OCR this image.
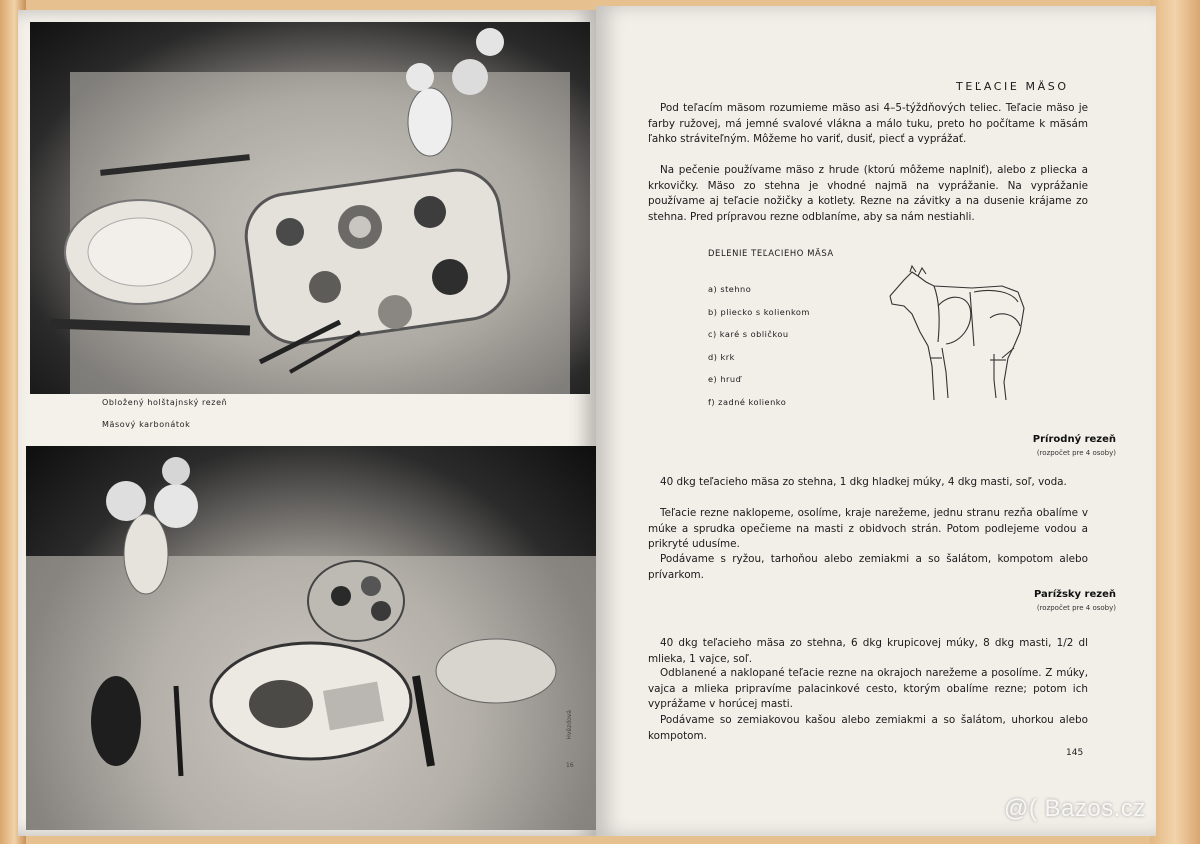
Obložený holštajnský rezeň
Mäsový karbonátok
16
Hvězdová
TEĽACIE MÄSO
Pod teľacím mäsom rozumieme mäso asi 4–5-týždňových teliec. Teľacie mäso je farby ružovej, má jemné svalové vlákna a málo tuku, preto ho počítame k mäsám ľahko stráviteľným. Môžeme ho variť, dusiť, piecť a vyprážať.
Na pečenie používame mäso z hrude (ktorú môžeme naplniť), alebo z pliecka a krkovičky. Mäso zo stehna je vhodné najmä na vyprážanie. Na vyprážanie používame aj teľacie nožičky a kotlety. Rezne na závitky a na dusenie krájame zo stehna. Pred prípravou rezne odblaníme, aby sa nám nestiahli.
DELENIE TEĽACIEHO MÄSA
a) stehno
b) pliecko s kolienkom
c) karé s obličkou
d) krk
e) hruď
f) zadné kolienko
Prírodný rezeň
(rozpočet pre 4 osoby)
40 dkg teľacieho mäsa zo stehna, 1 dkg hladkej múky, 4 dkg masti, soľ, voda.
Teľacie rezne naklopeme, osolíme, kraje narežeme, jednu stranu rezňa obalíme v múke a sprudka opečieme na masti z obidvoch strán. Potom podlejeme vodou a prikryté udusíme.
Podávame s ryžou, tarhoňou alebo zemiakmi a so šalátom, kompotom alebo prívarkom.
Parížsky rezeň
(rozpočet pre 4 osoby)
40 dkg teľacieho mäsa zo stehna, 6 dkg krupicovej múky, 8 dkg masti, 1/2 dl mlieka, 1 vajce, soľ.
Odblanené a naklopané teľacie rezne na okrajoch narežeme a posolíme. Z múky, vajca a mlieka pripravíme palacinkové cesto, ktorým obalíme rezne; potom ich vyprážame v horúcej masti.
Podávame so zemiakovou kašou alebo zemiakmi a so šalátom, uhorkou alebo kompotom.
145
@( Bazos.cz
